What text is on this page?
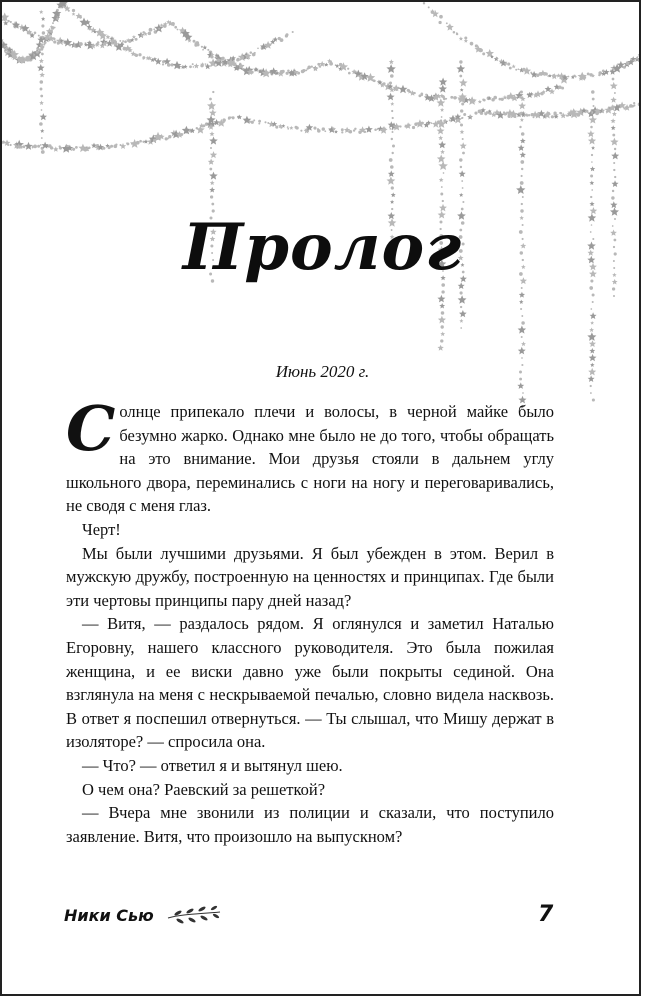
Пролог
Июнь 2020 г.

Солнце припекало плечи и волосы, в черной майке было безумно жарко. Однако мне было не до того, чтобы обращать на это внимание. Мои друзья стояли в дальнем углу школьного двора, переминались с ноги на ногу и переговаривались, не сводя с меня глаз.

Черт!

Мы были лучшими друзьями. Я был убежден в этом. Верил в мужскую дружбу, построенную на ценностях и принципах. Где были эти чертовы принципы пару дней назад?

— Витя, — раздалось рядом. Я оглянулся и заметил Наталью Егоровну, нашего классного руководителя. Это была пожилая женщина, и ее виски давно уже были покрыты сединой. Она взглянула на меня с нескрываемой печалью, словно видела насквозь. В ответ я поспешил отвернуться. — Ты слышал, что Мишу держат в изоляторе? — спросила она.

— Что? — ответил я и вытянул шею.

О чем она? Раевский за решеткой?

— Вчера мне звонили из полиции и сказали, что поступило заявление. Витя, что произошло на выпускном?

Ники Сью	7
